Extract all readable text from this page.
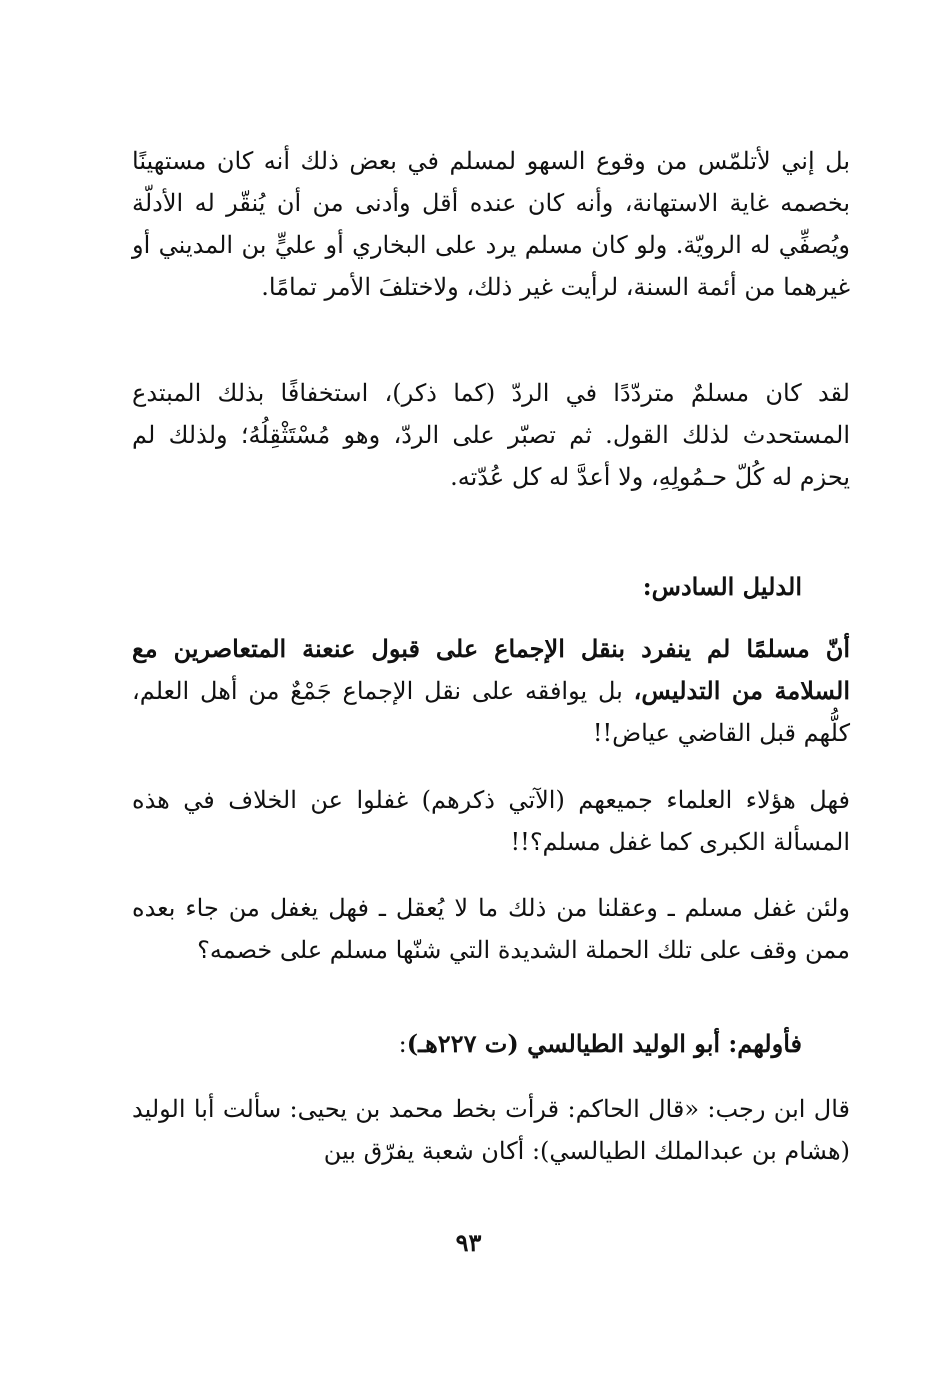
بل إني لأتلمّس من وقوع السهو لمسلم في بعض ذلك أنه كان مستهينًا بخصمه غاية الاستهانة، وأنه كان عنده أقل وأدنى من أن يُنقّر له الأدلّة ويُصفِّي له الرويّة. ولو كان مسلم يرد على البخاري أو عليٍّ بن المديني أو غيرهما من أئمة السنة، لرأيت غير ذلك، ولاختلفَ الأمر تمامًا.

لقد كان مسلمٌ متردّدًا في الردّ (كما ذكر)، استخفافًا بذلك المبتدع المستحدث لذلك القول. ثم تصبّر على الردّ، وهو مُسْتَثْقِلُهُ؛ ولذلك لم يحزم له كُلّ حـمُولِهِ، ولا أعدَّ له كل عُدّته.

الدليل السادس:

أنّ مسلمًا لم ينفرد بنقل الإجماع على قبول عنعنة المتعاصرين مع السلامة من التدليس، بل يوافقه على نقل الإجماع جَمْعٌ من أهل العلم، كلُّهم قبل القاضي عياض!!

فهل هؤلاء العلماء جميعهم (الآتي ذكرهم) غفلوا عن الخلاف في هذه المسألة الكبرى كما غفل مسلم؟!!

ولئن غفل مسلم ـ وعقلنا من ذلك ما لا يُعقل ـ فهل يغفل من جاء بعده ممن وقف على تلك الحملة الشديدة التي شنّها مسلم على خصمه؟

فأولهم: أبو الوليد الطيالسي (ت ٢٢٧هـ):

قال ابن رجب: «قال الحاكم: قرأت بخط محمد بن يحيى: سألت أبا الوليد (هشام بن عبدالملك الطيالسي): أكان شعبة يفرّق بين

٩٣
